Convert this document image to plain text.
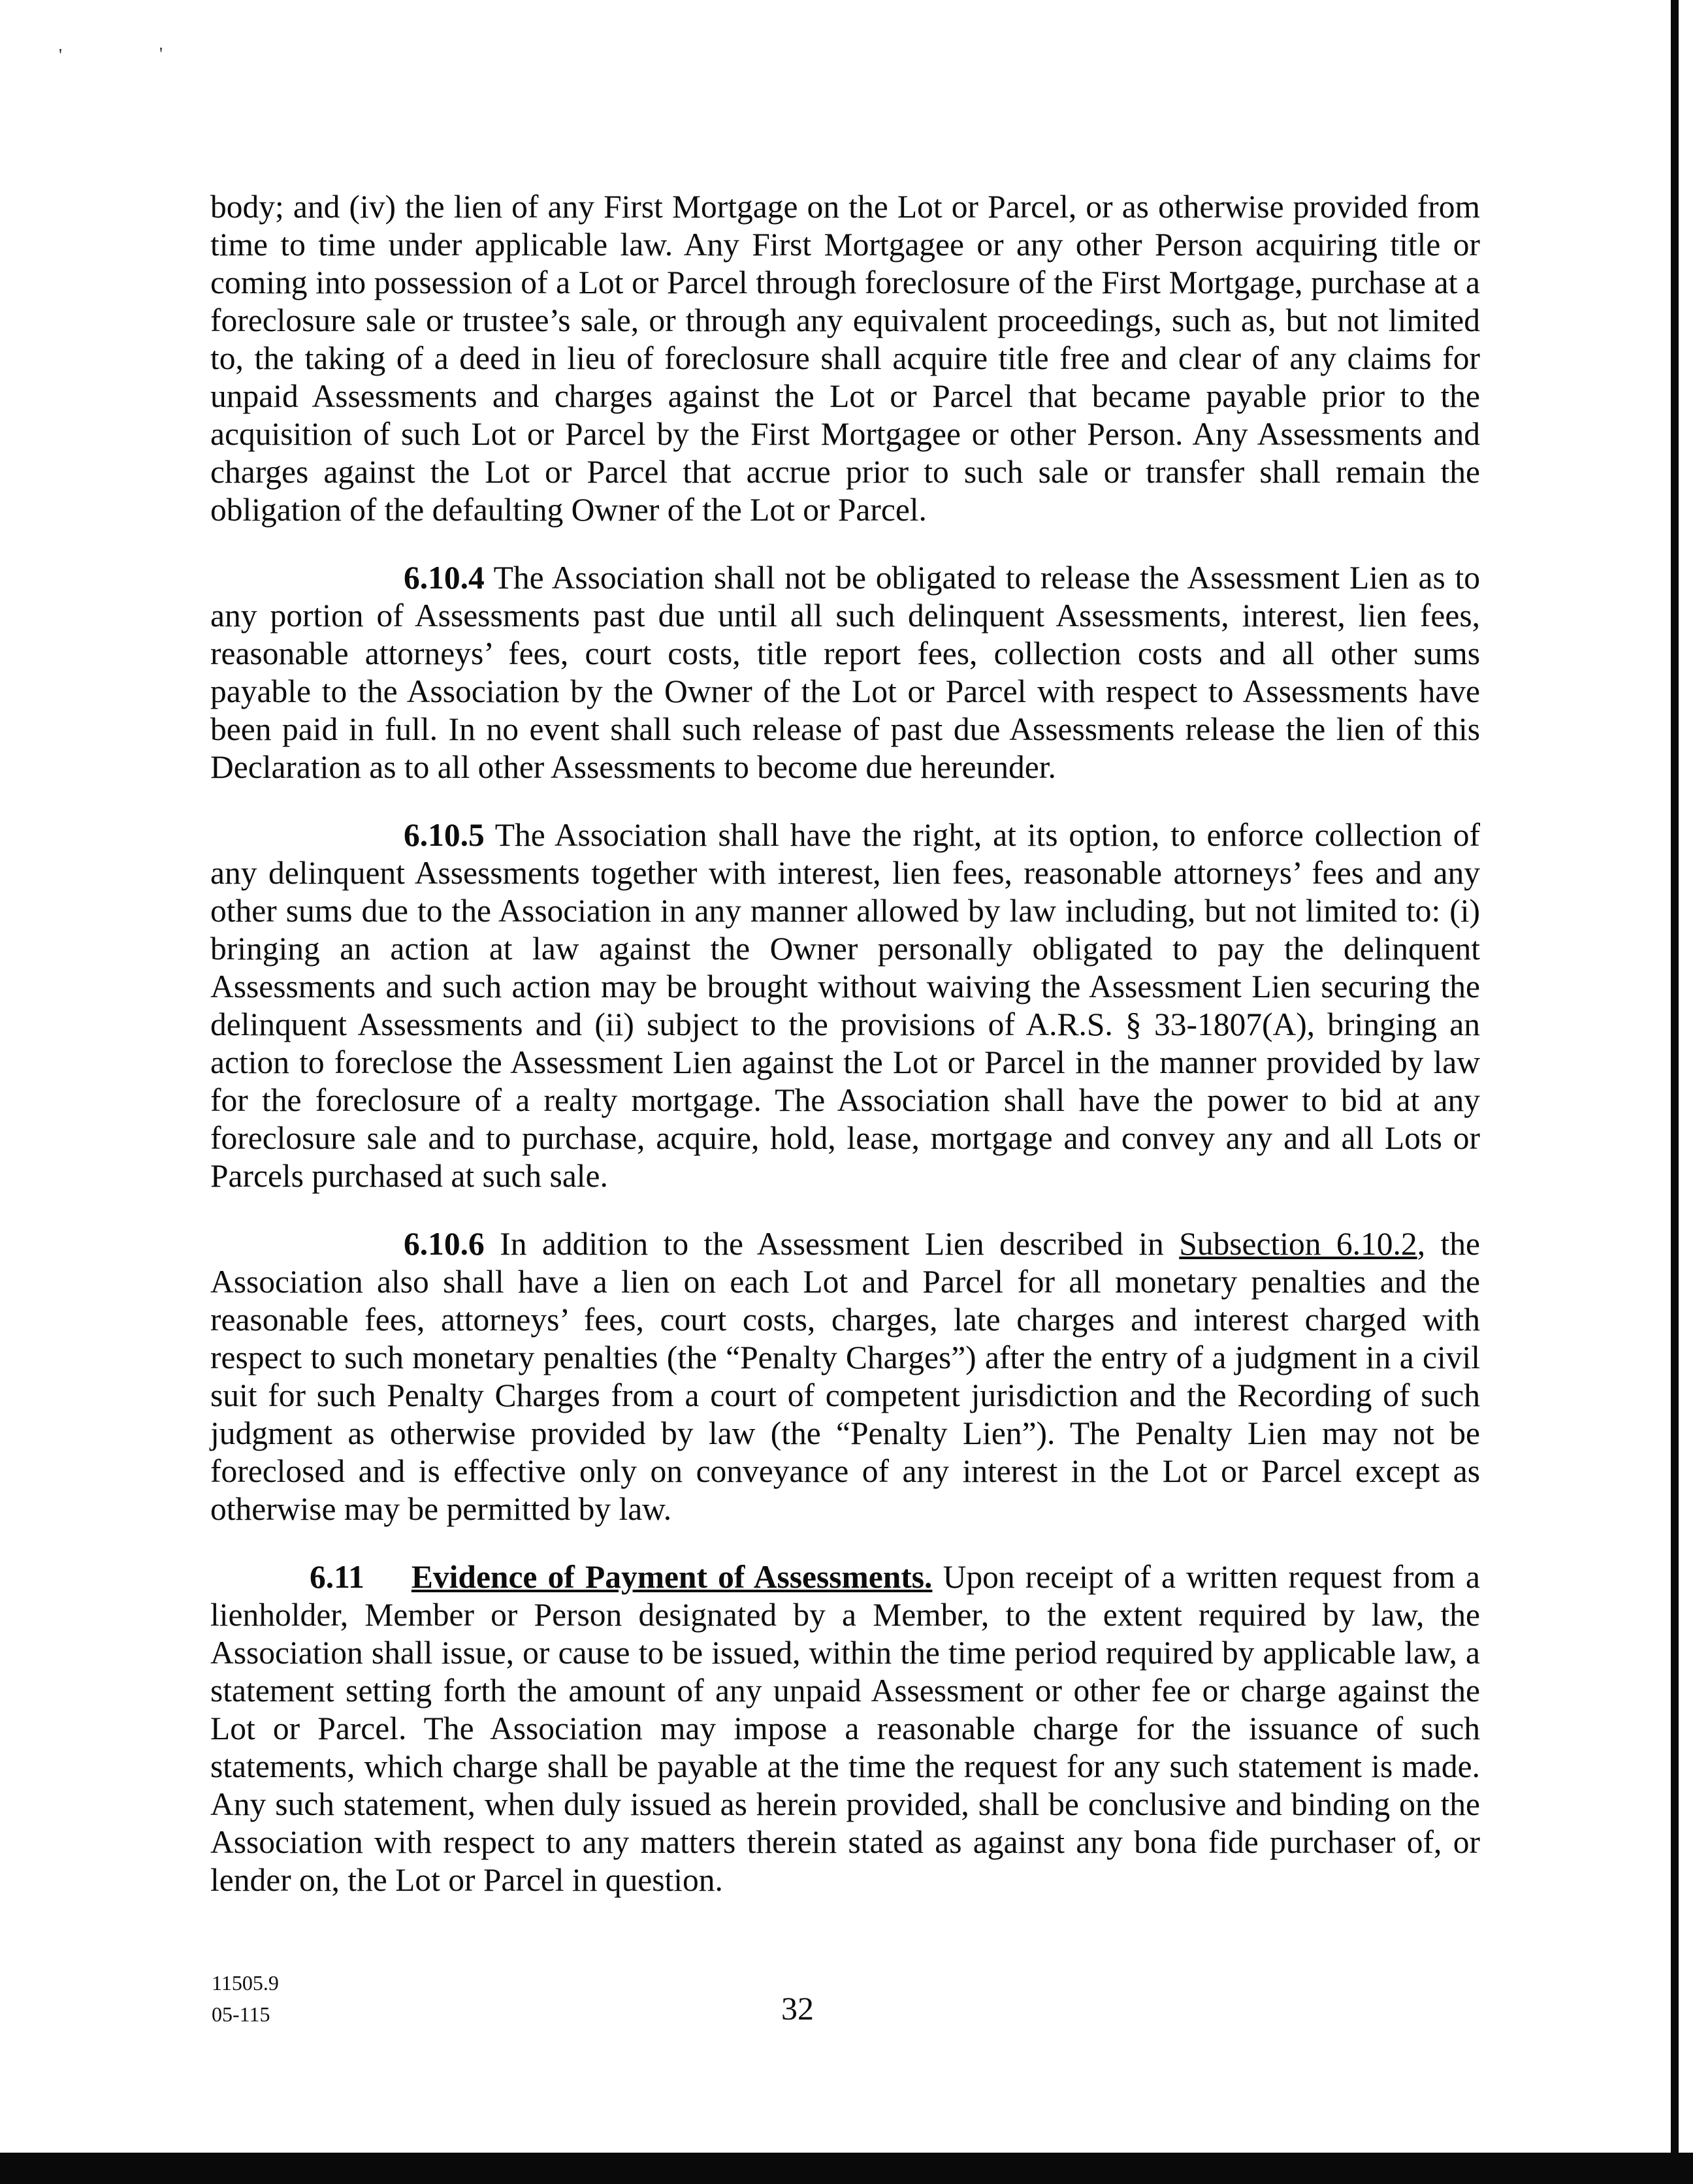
'	'

body; and (iv) the lien of any First Mortgage on the Lot or Parcel, or as otherwise provided from time to time under applicable law. Any First Mortgagee or any other Person acquiring title or coming into possession of a Lot or Parcel through foreclosure of the First Mortgage, purchase at a foreclosure sale or trustee’s sale, or through any equivalent proceedings, such as, but not limited to, the taking of a deed in lieu of foreclosure shall acquire title free and clear of any claims for unpaid Assessments and charges against the Lot or Parcel that became payable prior to the acquisition of such Lot or Parcel by the First Mortgagee or other Person. Any Assessments and charges against the Lot or Parcel that accrue prior to such sale or transfer shall remain the obligation of the defaulting Owner of the Lot or Parcel.

6.10.4 The Association shall not be obligated to release the Assessment Lien as to any portion of Assessments past due until all such delinquent Assessments, interest, lien fees, reasonable attorneys’ fees, court costs, title report fees, collection costs and all other sums payable to the Association by the Owner of the Lot or Parcel with respect to Assessments have been paid in full. In no event shall such release of past due Assessments release the lien of this Declaration as to all other Assessments to become due hereunder.

6.10.5 The Association shall have the right, at its option, to enforce collection of any delinquent Assessments together with interest, lien fees, reasonable attorneys’ fees and any other sums due to the Association in any manner allowed by law including, but not limited to: (i) bringing an action at law against the Owner personally obligated to pay the delinquent Assessments and such action may be brought without waiving the Assessment Lien securing the delinquent Assessments and (ii) subject to the provisions of A.R.S. § 33-1807(A), bringing an action to foreclose the Assessment Lien against the Lot or Parcel in the manner provided by law for the foreclosure of a realty mortgage. The Association shall have the power to bid at any foreclosure sale and to purchase, acquire, hold, lease, mortgage and convey any and all Lots or Parcels purchased at such sale.

6.10.6 In addition to the Assessment Lien described in Subsection 6.10.2, the Association also shall have a lien on each Lot and Parcel for all monetary penalties and the reasonable fees, attorneys’ fees, court costs, charges, late charges and interest charged with respect to such monetary penalties (the “Penalty Charges”) after the entry of a judgment in a civil suit for such Penalty Charges from a court of competent jurisdiction and the Recording of such judgment as otherwise provided by law (the “Penalty Lien”). The Penalty Lien may not be foreclosed and is effective only on conveyance of any interest in the Lot or Parcel except as otherwise may be permitted by law.

6.11 Evidence of Payment of Assessments. Upon receipt of a written request from a lienholder, Member or Person designated by a Member, to the extent required by law, the Association shall issue, or cause to be issued, within the time period required by applicable law, a statement setting forth the amount of any unpaid Assessment or other fee or charge against the Lot or Parcel. The Association may impose a reasonable charge for the issuance of such statements, which charge shall be payable at the time the request for any such statement is made. Any such statement, when duly issued as herein provided, shall be conclusive and binding on the Association with respect to any matters therein stated as against any bona fide purchaser of, or lender on, the Lot or Parcel in question.

11505.9
05-115	32
